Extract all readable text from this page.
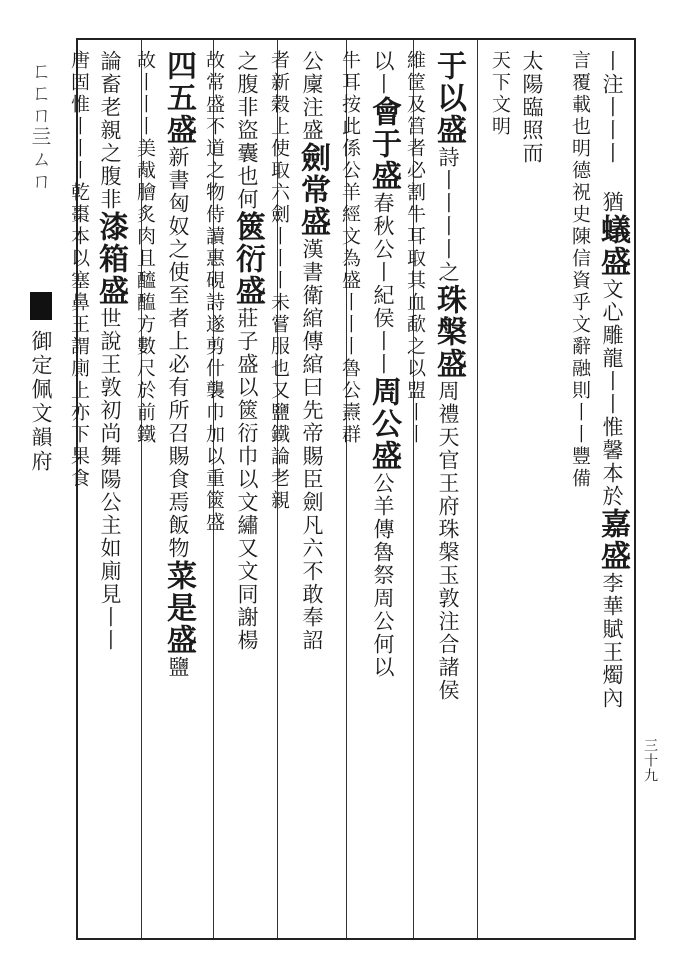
ㄈㄈㄇ亖ㄙㄇ
御定佩文韻府
丨注丨丨丨 猶蟻盛文心雕龍丨丨惟馨本於嘉盛李華賦王燭內
言覆載也明德祝史陳信資乎文辭融則丨丨豐備
太陽臨照而
天下文明
于以盛詩丨丨丨丨之珠槃盛周禮天官王府珠槃玉敦注合諸侯
維筐及筥者必割牛耳取其血歃之以盟丨丨
以丨會于盛春秋公丨紀侯丨丨周公盛公羊傳魯祭周公何以
牛耳按此係公羊經文為盛丨丨丨魯公燾群
公廩注盛劍常盛漢書衛綰傳綰曰先帝賜臣劍凡六不敢奉詔
者新穀上使取六劍丨丨丨未嘗服也又鹽鐵論老親
之腹非盜囊也何篋衍盛莊子盛以篋衍巾以文繡又文同謝楊
故常盛不道之物侍讀惠硯詩遂剪什襲巾加以重篋盛
四五盛新書匈奴之使至者上必有所召賜食焉飯物菜是盛鹽
故丨丨丨美胾膾炙肉且醯醢方數尺於前鐵
論畜老親之腹非漆箱盛世說王敦初尚舞陽公主如廁見丨丨
唐固惟丨丨丨乾棗本以塞鼻王謂廁上亦下果食
三十九
